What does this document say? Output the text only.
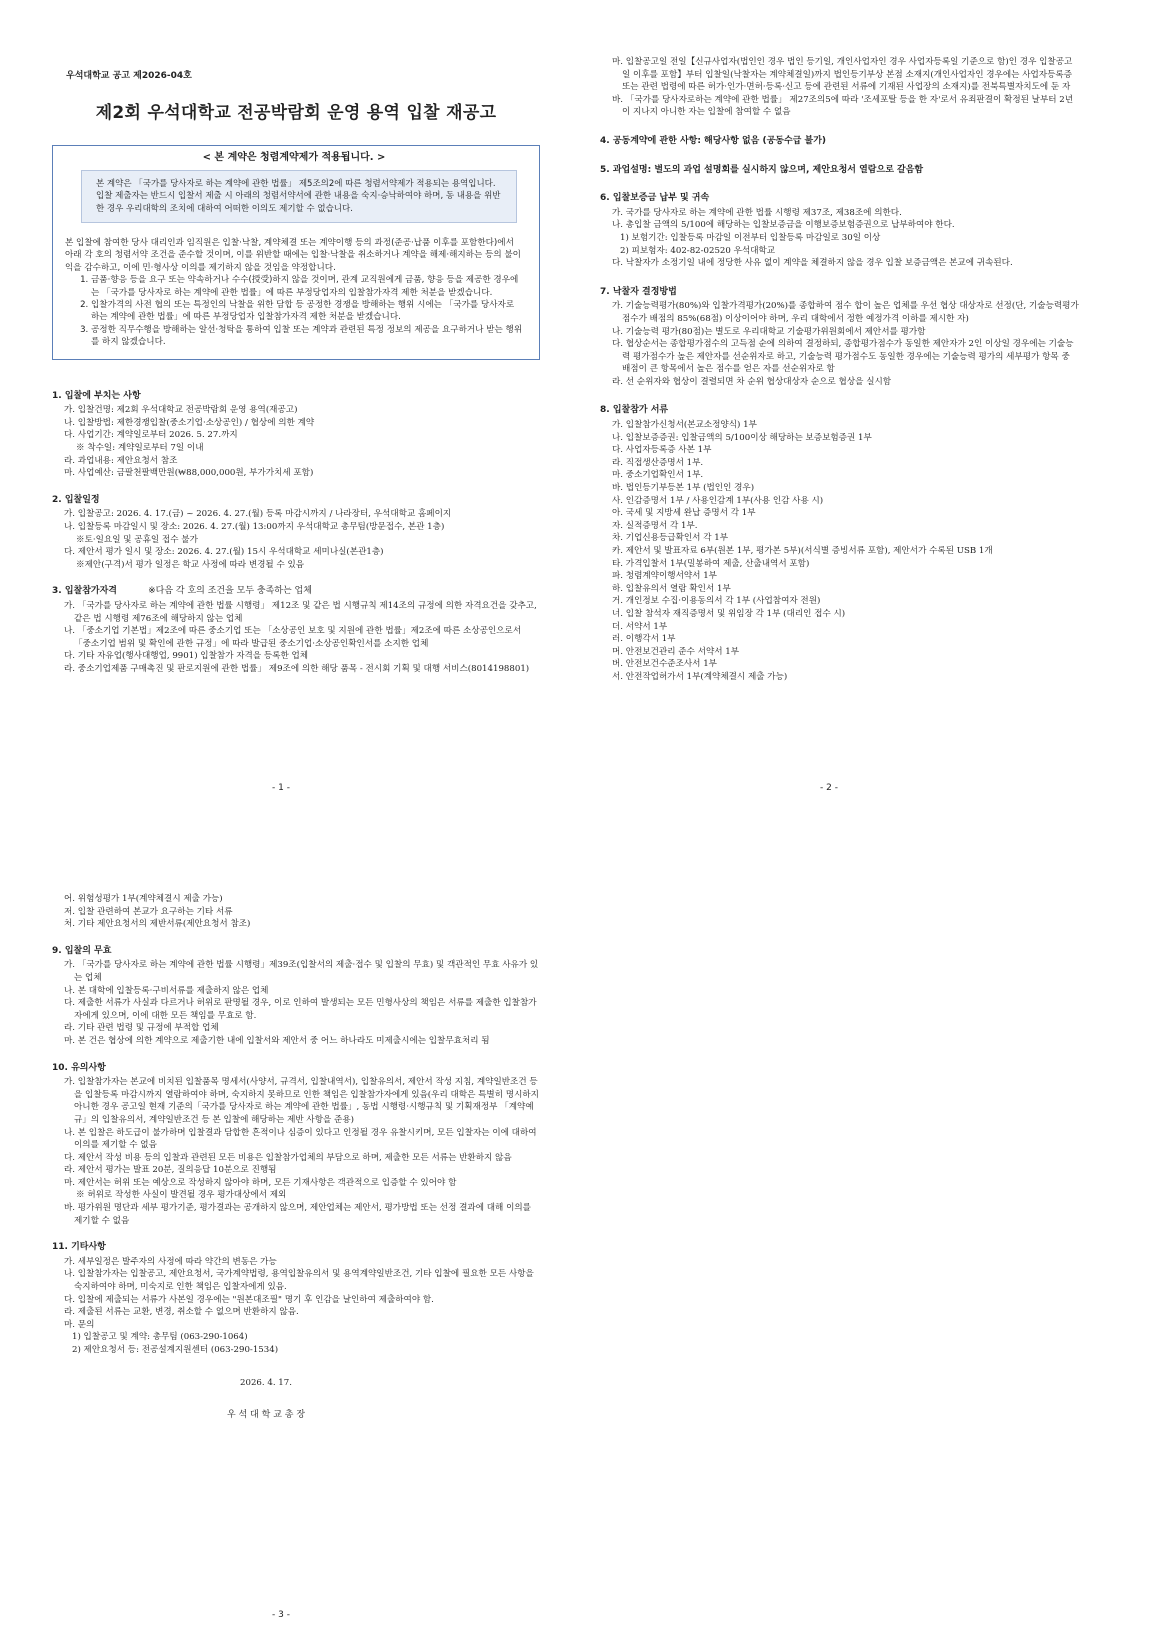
우석대학교 공고 제2026-04호
제2회 우석대학교 전공박람회 운영 용역 입찰 재공고
< 본 계약은 청렴계약제가 적용됩니다. >
본 계약은 「국가를 당사자로 하는 계약에 관한 법률」 제5조의2에 따른 청렴서약제가 적용되는 용역입니다. 입찰 제출자는 반드시 입찰서 제출 시 아래의 청렴서약서에 관한 내용을 숙지·승낙하여야 하며, 동 내용을 위반한 경우 우리대학의 조치에 대하여 어떠한 이의도 제기할 수 없습니다.
본 입찰에 참여한 당사 대리인과 임직원은 입찰·낙찰, 계약체결 또는 계약이행 등의 과정(준공·납품 이후를 포함한다)에서 아래 각 호의 청렴서약 조건을 준수할 것이며, 이를 위반할 때에는 입찰·낙찰을 취소하거나 계약을 해제·해지하는 등의 불이익을 감수하고, 이에 민·형사상 이의를 제기하지 않을 것임을 약정합니다.
1. 금품·향응 등을 요구 또는 약속하거나 수수(授受)하지 않을 것이며, 관계 교직원에게 금품, 향응 등을 제공한 경우에는 「국가를 당사자로 하는 계약에 관한 법률」에 따른 부정당업자의 입찰참가자격 제한 처분을 받겠습니다.
2. 입찰가격의 사전 협의 또는 특정인의 낙찰을 위한 담합 등 공정한 경쟁을 방해하는 행위 시에는 「국가를 당사자로 하는 계약에 관한 법률」에 따른 부정당업자 입찰참가자격 제한 처분을 받겠습니다.
3. 공정한 직무수행을 방해하는 알선·청탁을 통하여 입찰 또는 계약과 관련된 특정 정보의 제공을 요구하거나 받는 행위를 하지 않겠습니다.
1. 입찰에 부치는 사항
가. 입찰건명: 제2회 우석대학교 전공박람회 운영 용역(재공고)
나. 입찰방법: 제한경쟁입찰(중소기업·소상공인) / 협상에 의한 계약
다. 사업기간: 계약일로부터 2026. 5. 27.까지
※ 착수일: 계약일로부터 7일 이내
라. 과업내용: 제안요청서 참조
마. 사업예산: 금팔천팔백만원(₩88,000,000원, 부가가치세 포함)
2. 입찰일정
가. 입찰공고: 2026. 4. 17.(금) ~ 2026. 4. 27.(월) 등록 마감시까지 / 나라장터, 우석대학교 홈페이지
나. 입찰등록 마감일시 및 장소: 2026. 4. 27.(월) 13:00까지 우석대학교 총무팀(방문접수, 본관 1층)
※토·일요일 및 공휴일 접수 불가
다. 제안서 평가 일시 및 장소: 2026. 4. 27.(월) 15시 우석대학교 세미나실(본관1층)
※제안(구격)서 평가 일정은 학교 사정에 따라 변경될 수 있음
3. 입찰참가자격	※다음 각 호의 조건을 모두 충족하는 업체
가. 「국가를 당사자로 하는 계약에 관한 법률 시행령」 제12조 및 같은 법 시행규칙 제14조의 규정에 의한 자격요건을 갖추고, 같은 법 시행령 제76조에 해당하지 않는 업체
나. 「중소기업 기본법」제2조에 따른 중소기업 또는 「소상공인 보호 및 지원에 관한 법률」제2조에 따른 소상공인으로서 「중소기업 범위 및 확인에 관한 규정」에 따라 발급된 중소기업·소상공인확인서를 소지한 업체
다. 기타 자유업(행사대행업, 9901) 입찰참가 자격을 등록한 업체
라. 중소기업제품 구매촉진 및 판로지원에 관한 법률」 제9조에 의한 해당 품목 - 전시회 기획 및 대행 서비스(8014198801)
- 1 -
마. 입찰공고일 전일【신규사업자(법인인 경우 법인 등기일, 개인사업자인 경우 사업자등록일 기준으로 함)인 경우 입찰공고일 이후를 포함】부터 입찰일(낙찰자는 계약체결일)까지 법인등기부상 본점 소재지(개인사업자인 경우에는 사업자등록증 또는 관련 법령에 따른 허가·인가·면허·등록·신고 등에 관련된 서류에 기재된 사업장의 소재지)를 전북특별자치도에 둔 자
바. 「국가를 당사자로하는 계약에 관한 법률」 제27조의5에 따라 '조세포탈 등을 한 자'로서 유죄판결이 확정된 날부터 2년이 지나지 아니한 자는 입찰에 참여할 수 없음
4. 공동계약에 관한 사항: 해당사항 없음 (공동수급 불가)
5. 과업설명: 별도의 과업 설명회를 실시하지 않으며, 제안요청서 열람으로 갈음함
6. 입찰보증금 납부 및 귀속
가. 국가를 당사자로 하는 계약에 관한 법률 시행령 제37조, 제38조에 의한다.
나. 총입찰 금액의 5/100에 해당하는 입찰보증금을 이행보증보험증권으로 납부하여야 한다.
1) 보험기간: 입찰등록 마감일 이전부터 입찰등록 마감일로 30일 이상
2) 피보험자: 402-82-02520 우석대학교
다. 낙찰자가 소정기일 내에 정당한 사유 없이 계약을 체결하지 않을 경우 입찰 보증금액은 본교에 귀속된다.
7. 낙찰자 결정방법
가. 기술능력평가(80%)와 입찰가격평가(20%)를 종합하여 점수 합이 높은 업체를 우선 협상 대상자로 선정(단, 기술능력평가 점수가 배점의 85%(68점) 이상이어야 하며, 우리 대학에서 정한 예정가격 이하를 제시한 자)
나. 기술능력 평가(80점)는 별도로 우리대학교 기술평가위원회에서 제안서를 평가함
다. 협상순서는 종합평가점수의 고득점 순에 의하여 결정하되, 종합평가점수가 동일한 제안자가 2인 이상일 경우에는 기술능력 평가점수가 높은 제안자를 선순위자로 하고, 기술능력 평가점수도 동일한 경우에는 기술능력 평가의 세부평가 항목 중 배점이 큰 항목에서 높은 점수를 얻은 자를 선순위자로 함
라. 선 순위자와 협상이 결렬되면 차 순위 협상대상자 순으로 협상을 실시함
8. 입찰참가 서류
가. 입찰참가신청서(본교소정양식) 1부
나. 입찰보증증권: 입찰금액의 5/100이상 해당하는 보증보험증권 1부
다. 사업자등록증 사본 1부
라. 직접생산증명서 1부.
마. 중소기업확인서 1부.
바. 법인등기부등본 1부 (법인인 경우)
사. 인감증명서 1부 / 사용인감계 1부(사용 인감 사용 시)
아. 국세 및 지방세 완납 증명서 각 1부
자. 실적증명서 각 1부.
차. 기업신용등급확인서 각 1부
카. 제안서 및 발표자료 6부(원본 1부, 평가본 5부)(서식별 증빙서류 포함), 제안서가 수록된 USB 1개
타. 가격입찰서 1부(밀봉하여 제출, 산출내역서 포함)
파. 청렴계약이행서약서 1부
하. 입찰유의서 열람 확인서 1부
거. 개인정보 수집·이용동의서 각 1부 (사업참여자 전원)
너. 입찰 참석자 재직증명서 및 위임장 각 1부 (대리인 접수 시)
더. 서약서 1부
러. 이행각서 1부
머. 안전보건관리 준수 서약서 1부
버. 안전보건수준조사서 1부
서. 안전작업허가서 1부(계약체결시 제출 가능)
- 2 -
어. 위험성평가 1부(계약체결시 제출 가능)
저. 입찰 관련하여 본교가 요구하는 기타 서류
처. 기타 제안요청서의 제반서류(제안요청서 참조)
9. 입찰의 무효
가. 「국가를 당사자로 하는 계약에 관한 법률 시행령」제39조(입찰서의 제출·접수 및 입찰의 무효) 및 객관적인 무효 사유가 있는 업체
나. 본 대학에 입찰등록·구비서류를 제출하지 않은 업체
다. 제출한 서류가 사실과 다르거나 허위로 판명될 경우, 이로 인하여 발생되는 모든 민형사상의 책임은 서류를 제출한 입찰참가자에게 있으며, 이에 대한 모든 책임를 무효로 함.
라. 기타 관련 법령 및 규정에 부적합 업체
마. 본 건은 협상에 의한 계약으로 제출기한 내에 입찰서와 제안서 중 어느 하나라도 미제출시에는 입찰무효처리 됨
10. 유의사항
가. 입찰참가자는 본교에 비치된 입찰품목 명세서(사양서, 규격서, 입찰내역서), 입찰유의서, 제안서 작성 지침, 계약일반조건 등을 입찰등록 마감시까지 열람하여야 하며, 숙지하지 못하므로 인한 책임은 입찰참가자에게 있음(우리 대학은 특별히 명시하지 아니한 경우 공고일 현재 기준의「국가를 당사자로 하는 계약에 관한 법률」, 동법 시행령·시행규칙 및 기획재정부 「계약예규」의 입찰유의서, 계약일반조건 등 본 입찰에 해당하는 제반 사항을 준용)
나. 본 입찰은 하도급이 불가하며 입찰결과 담합한 흔적이나 심증이 있다고 인정될 경우 유찰시키며, 모든 입찰자는 이에 대하여 이의를 제기할 수 없음
다. 제안서 작성 비용 등의 입찰과 관련된 모든 비용은 입찰참가업체의 부담으로 하며, 제출한 모든 서류는 반환하지 않음
라. 제안서 평가는 발표 20분, 질의응답 10분으로 진행됨
마. 제안서는 허위 또는 예상으로 작성하지 않아야 하며, 모든 기재사항은 객관적으로 입증할 수 있어야 함
※ 허위로 작성한 사실이 발견될 경우 평가대상에서 제외
바. 평가위원 명단과 세부 평가기준, 평가결과는 공개하지 않으며, 제안업체는 제안서, 평가방법 또는 선정 결과에 대해 이의를 제기할 수 없음
11. 기타사항
가. 세부일정은 발주자의 사정에 따라 약간의 변동은 가능
나. 입찰참가자는 입찰공고, 제안요청서, 국가계약법령, 용역입찰유의서 및 용역계약일반조건, 기타 입찰에 필요한 모든 사항을 숙지하여야 하며, 미숙지로 인한 책임은 입찰자에게 있음.
다. 입찰에 제출되는 서류가 사본일 경우에는 "원본대조필" 명기 후 인감을 날인하여 제출하여야 함.
라. 제출된 서류는 교환, 변경, 취소할 수 없으며 반환하지 않음.
마. 문의
1) 입찰공고 및 계약: 총무팀 (063-290-1064)
2) 제안요청서 등: 전공설계지원센터 (063-290-1534)
2026. 4. 17.
우 석 대 학 교 총 장
- 3 -
